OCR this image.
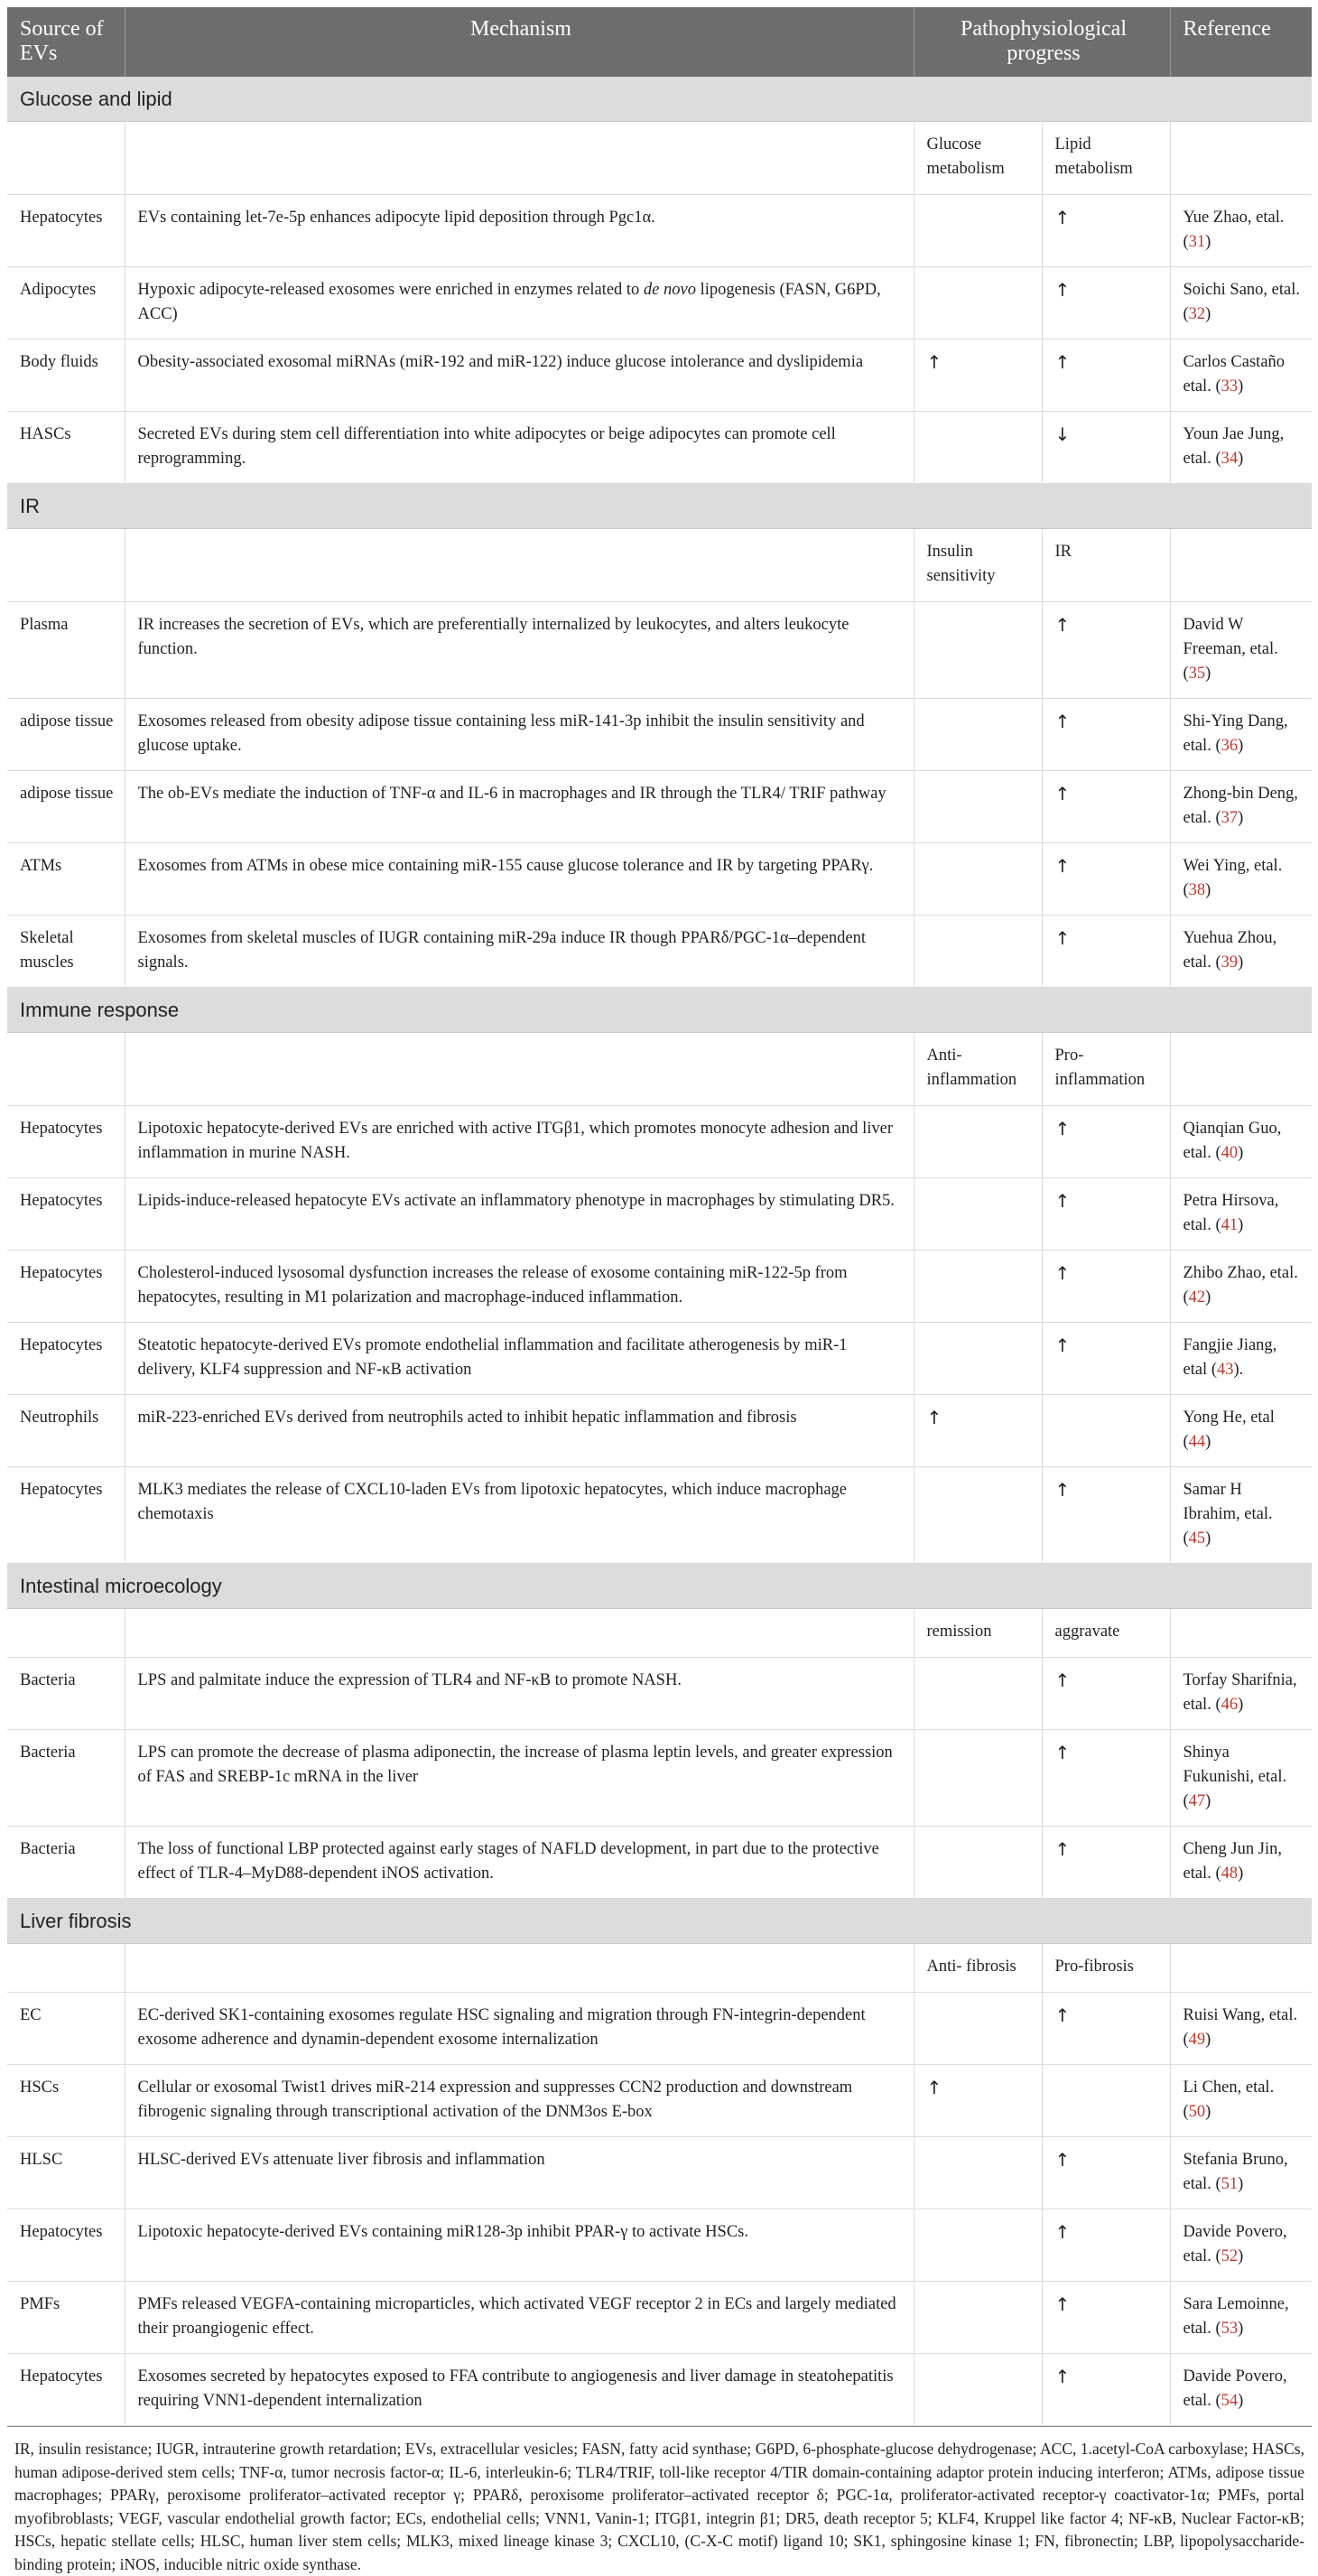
Source of EVs	Mechanism	Pathophysiological progress		Reference
Glucose and lipid				
		Glucose metabolism	Lipid metabolism	
Hepatocytes	EVs containing let-7e-5p enhances adipocyte lipid deposition through Pgc1α.		↑	Yue Zhao, etal. (31)
Adipocytes	Hypoxic adipocyte-released exosomes were enriched in enzymes related to de novo lipogenesis (FASN, G6PD, ACC)		↑	Soichi Sano, etal. (32)
Body fluids	Obesity-associated exosomal miRNAs (miR-192 and miR-122) induce glucose intolerance and dyslipidemia	↑	↑	Carlos Castaño etal. (33)
HASCs	Secreted EVs during stem cell differentiation into white adipocytes or beige adipocytes can promote cell reprogramming.		↓	Youn Jae Jung, etal. (34)
IR				
		Insulin sensitivity	IR	
Plasma	IR increases the secretion of EVs, which are preferentially internalized by leukocytes, and alters leukocyte function.		↑	David W Freeman, etal. (35)
adipose tissue	Exosomes released from obesity adipose tissue containing less miR-141-3p inhibit the insulin sensitivity and glucose uptake.		↑	Shi-Ying Dang, etal. (36)
adipose tissue	The ob-EVs mediate the induction of TNF-α and IL-6 in macrophages and IR through the TLR4/ TRIF pathway		↑	Zhong-bin Deng, etal. (37)
ATMs	Exosomes from ATMs in obese mice containing miR-155 cause glucose tolerance and IR by targeting PPARγ.		↑	Wei Ying, etal. (38)
Skeletal muscles	Exosomes from skeletal muscles of IUGR containing miR-29a induce IR though PPARδ/PGC-1α–dependent signals.		↑	Yuehua Zhou, etal. (39)
Immune response				
		Anti-inflammation	Pro-inflammation	
Hepatocytes	Lipotoxic hepatocyte-derived EVs are enriched with active ITGβ1, which promotes monocyte adhesion and liver inflammation in murine NASH.		↑	Qianqian Guo, etal. (40)
Hepatocytes	Lipids-induce-released hepatocyte EVs activate an inflammatory phenotype in macrophages by stimulating DR5.		↑	Petra Hirsova, etal. (41)
Hepatocytes	Cholesterol-induced lysosomal dysfunction increases the release of exosome containing miR-122-5p from hepatocytes, resulting in M1 polarization and macrophage-induced inflammation.		↑	Zhibo Zhao, etal. (42)
Hepatocytes	Steatotic hepatocyte-derived EVs promote endothelial inflammation and facilitate atherogenesis by miR-1 delivery, KLF4 suppression and NF-κB activation		↑	Fangjie Jiang, etal (43).
Neutrophils	miR-223-enriched EVs derived from neutrophils acted to inhibit hepatic inflammation and fibrosis	↑		Yong He, etal (44)
Hepatocytes	MLK3 mediates the release of CXCL10-laden EVs from lipotoxic hepatocytes, which induce macrophage chemotaxis		↑	Samar H Ibrahim, etal. (45)
Intestinal microecology				
		remission	aggravate	
Bacteria	LPS and palmitate induce the expression of TLR4 and NF-κB to promote NASH.		↑	Torfay Sharifnia, etal. (46)
Bacteria	LPS can promote the decrease of plasma adiponectin, the increase of plasma leptin levels, and greater expression of FAS and SREBP-1c mRNA in the liver		↑	Shinya Fukunishi, etal. (47)
Bacteria	The loss of functional LBP protected against early stages of NAFLD development, in part due to the protective effect of TLR-4–MyD88-dependent iNOS activation.		↑	Cheng Jun Jin, etal. (48)
Liver fibrosis				
		Anti- fibrosis	Pro-fibrosis	
EC	EC-derived SK1-containing exosomes regulate HSC signaling and migration through FN-integrin-dependent exosome adherence and dynamin-dependent exosome internalization		↑	Ruisi Wang, etal. (49)
HSCs	Cellular or exosomal Twist1 drives miR-214 expression and suppresses CCN2 production and downstream fibrogenic signaling through transcriptional activation of the DNM3os E-box	↑		Li Chen, etal. (50)
HLSC	HLSC-derived EVs attenuate liver fibrosis and inflammation		↑	Stefania Bruno, etal. (51)
Hepatocytes	Lipotoxic hepatocyte-derived EVs containing miR128-3p inhibit PPAR-γ to activate HSCs.		↑	Davide Povero, etal. (52)
PMFs	PMFs released VEGFA-containing microparticles, which activated VEGF receptor 2 in ECs and largely mediated their proangiogenic effect.		↑	Sara Lemoinne, etal. (53)
Hepatocytes	Exosomes secreted by hepatocytes exposed to FFA contribute to angiogenesis and liver damage in steatohepatitis requiring VNN1-dependent internalization		↑	Davide Povero, etal. (54)
IR, insulin resistance; IUGR, intrauterine growth retardation; EVs, extracellular vesicles; FASN, fatty acid synthase; G6PD, 6-phosphate-glucose dehydrogenase; ACC, 1.acetyl-CoA carboxylase; HASCs, human adipose-derived stem cells; TNF-α, tumor necrosis factor-α; IL-6, interleukin-6; TLR4/TRIF, toll-like receptor 4/TIR domain-containing adaptor protein inducing interferon; ATMs, adipose tissue macrophages; PPARγ, peroxisome proliferator–activated receptor γ; PPARδ, peroxisome proliferator–activated receptor δ; PGC-1α, proliferator-activated receptor-γ coactivator-1α; PMFs, portal myofibroblasts; VEGF, vascular endothelial growth factor; ECs, endothelial cells; VNN1, Vanin-1; ITGβ1, integrin β1; DR5, death receptor 5; KLF4, Kruppel like factor 4; NF-κB, Nuclear Factor-κB; HSCs, hepatic stellate cells; HLSC, human liver stem cells; MLK3, mixed lineage kinase 3; CXCL10, (C-X-C motif) ligand 10; SK1, sphingosine kinase 1; FN, fibronectin; LBP, lipopolysaccharide-binding protein; iNOS, inducible nitric oxide synthase.
